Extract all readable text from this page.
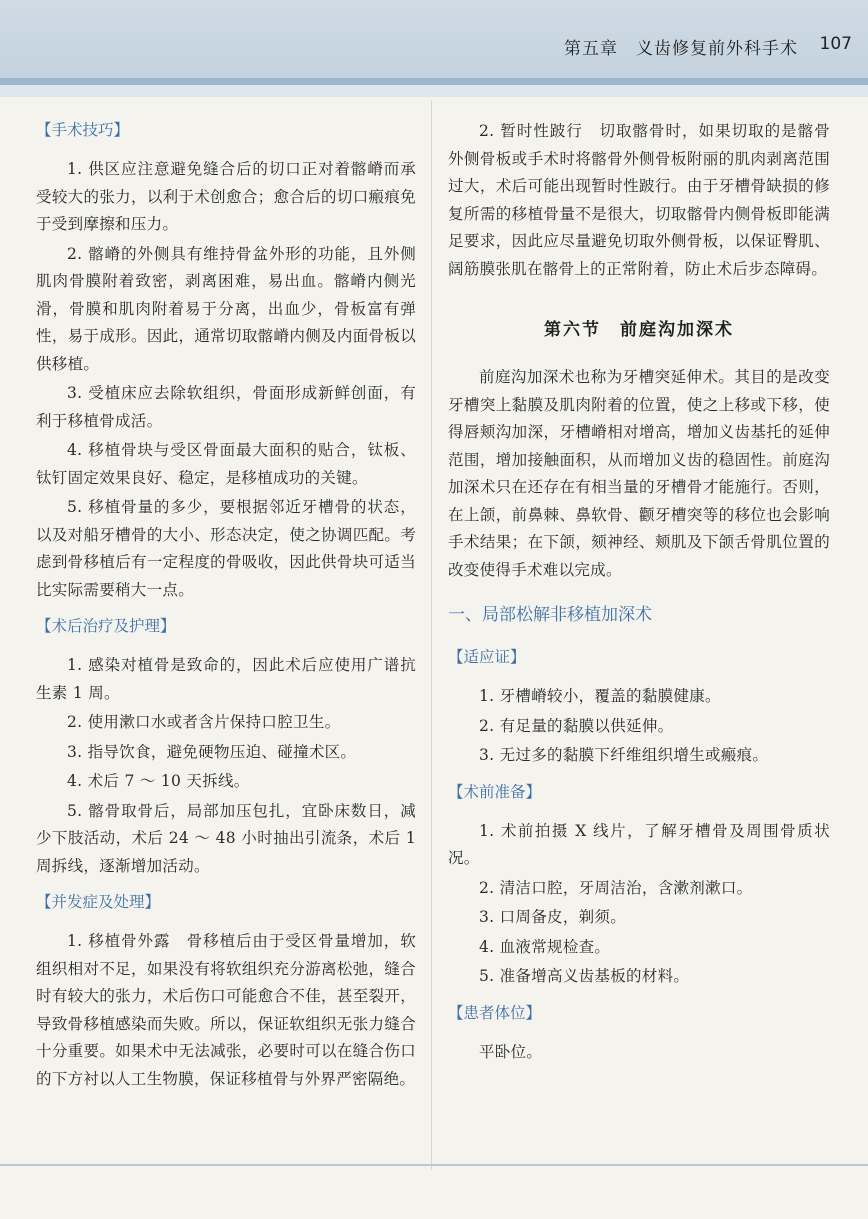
第五章　义齿修复前外科手术 107
【手术技巧】

1. 供区应注意避免缝合后的切口正对着髂嵴而承受较大的张力，以利于术创愈合；愈合后的切口瘢痕免于受到摩擦和压力。

2. 髂嵴的外侧具有维持骨盆外形的功能，且外侧肌肉骨膜附着致密，剥离困难，易出血。髂嵴内侧光滑，骨膜和肌肉附着易于分离，出血少，骨板富有弹性，易于成形。因此，通常切取髂嵴内侧及内面骨板以供移植。

3. 受植床应去除软组织，骨面形成新鲜创面，有利于移植骨成活。

4. 移植骨块与受区骨面最大面积的贴合，钛板、钛钉固定效果良好、稳定，是移植成功的关键。

5. 移植骨量的多少，要根据邻近牙槽骨的状态，以及对船牙槽骨的大小、形态决定，使之协调匹配。考虑到骨移植后有一定程度的骨吸收，因此供骨块可适当比实际需要稍大一点。

【术后治疗及护理】

1. 感染对植骨是致命的，因此术后应使用广谱抗生素 1 周。

2. 使用漱口水或者含片保持口腔卫生。

3. 指导饮食，避免硬物压迫、碰撞术区。

4. 术后 7 ～ 10 天拆线。

5. 髂骨取骨后，局部加压包扎，宜卧床数日，减少下肢活动，术后 24 ～ 48 小时抽出引流条，术后 1 周拆线，逐渐增加活动。

【并发症及处理】

1. 移植骨外露　骨移植后由于受区骨量增加，软组织相对不足，如果没有将软组织充分游离松弛，缝合时有较大的张力，术后伤口可能愈合不佳，甚至裂开，导致骨移植感染而失败。所以，保证软组织无张力缝合十分重要。如果术中无法减张，必要时可以在缝合伤口的下方衬以人工生物膜，保证移植骨与外界严密隔绝。

2. 暂时性跛行　切取髂骨时，如果切取的是髂骨外侧骨板或手术时将髂骨外侧骨板附丽的肌肉剥离范围过大，术后可能出现暂时性跛行。由于牙槽骨缺损的修复所需的移植骨量不是很大，切取髂骨内侧骨板即能满足要求，因此应尽量避免切取外侧骨板，以保证臀肌、阔筋膜张肌在髂骨上的正常附着，防止术后步态障碍。

第六节　前庭沟加深术

前庭沟加深术也称为牙槽突延伸术。其目的是改变牙槽突上黏膜及肌肉附着的位置，使之上移或下移，使得唇颊沟加深，牙槽嵴相对增高，增加义齿基托的延伸范围，增加接触面积，从而增加义齿的稳固性。前庭沟加深术只在还存在有相当量的牙槽骨才能施行。否则，在上颌，前鼻棘、鼻软骨、颧牙槽突等的移位也会影响手术结果；在下颌，颏神经、颊肌及下颌舌骨肌位置的改变使得手术难以完成。

一、局部松解非移植加深术
【适应证】

1. 牙槽嵴较小，覆盖的黏膜健康。

2. 有足量的黏膜以供延伸。

3. 无过多的黏膜下纤维组织增生或瘢痕。

【术前准备】

1. 术前拍摄 X 线片，了解牙槽骨及周围骨质状况。

2. 清洁口腔，牙周洁治，含漱剂漱口。

3. 口周备皮，剃须。

4. 血液常规检查。

5. 准备增高义齿基板的材料。

【患者体位】

平卧位。
